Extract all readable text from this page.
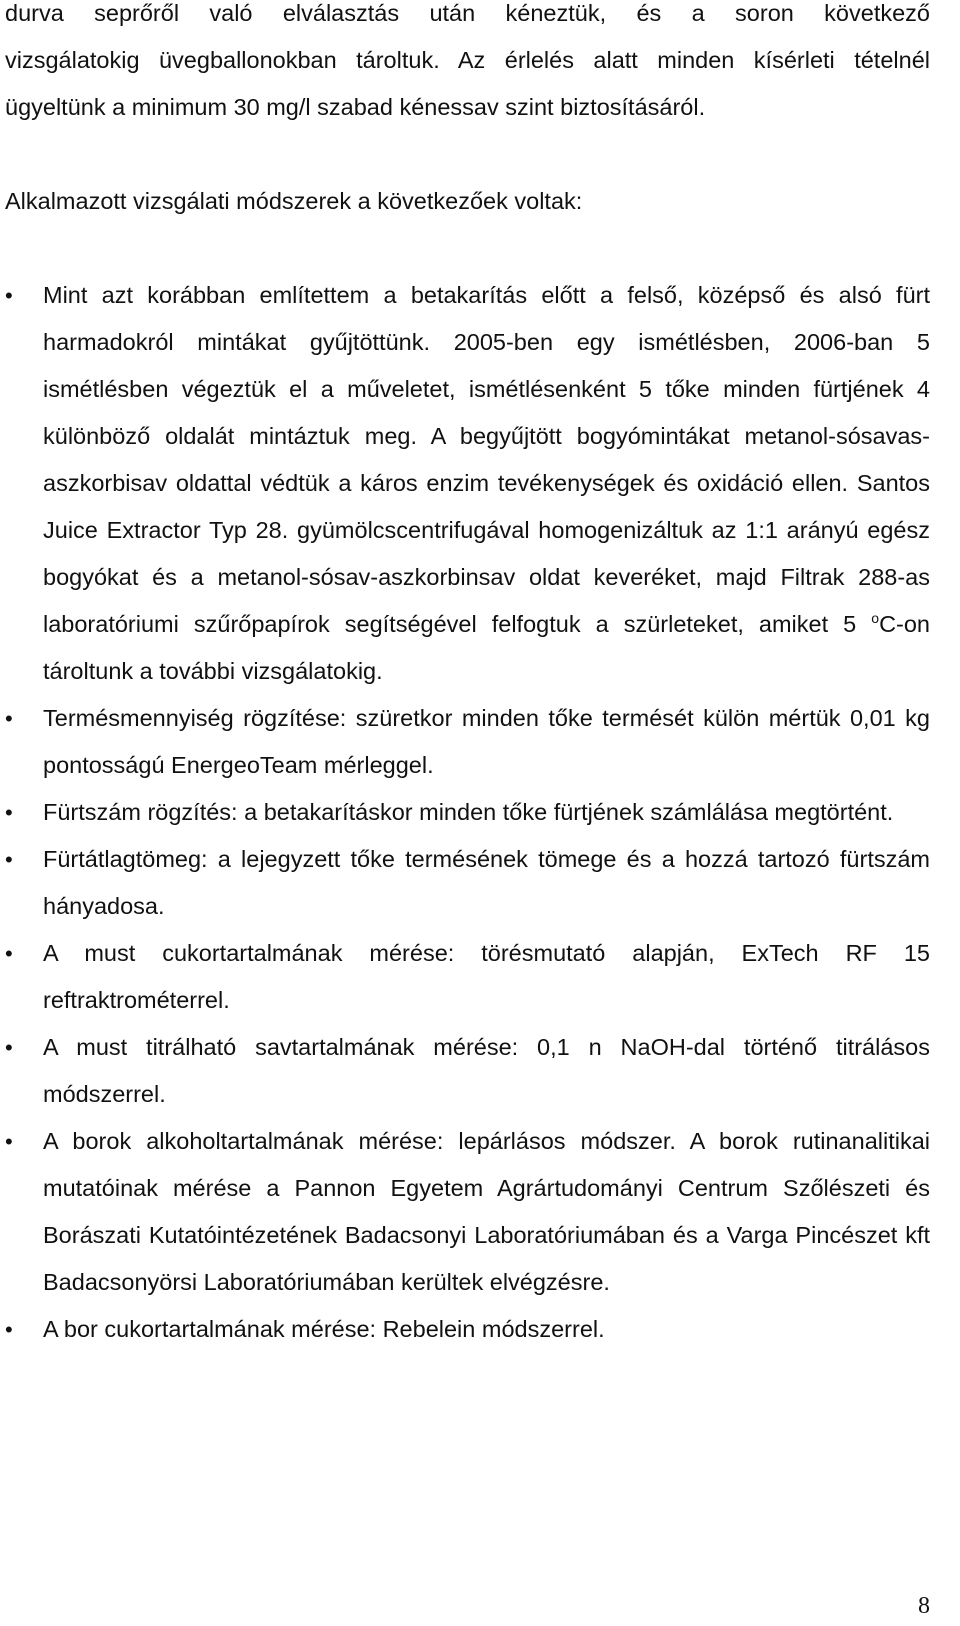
durva seprőről való elválasztás után kéneztük, és a soron következő

vizsgálatokig üvegballonokban tároltuk. Az érlelés alatt minden kísérleti tételnél

ügyeltünk a minimum 30 mg/l szabad kénessav szint biztosításáról.

Alkalmazott vizsgálati módszerek a következőek voltak:

•	Mint azt korábban említettem a betakarítás előtt a felső, középső és alsó fürt harmadokról mintákat gyűjtöttünk. 2005-ben egy ismétlésben, 2006-ban 5 ismétlésben végeztük el a műveletet, ismétlésenként 5 tőke minden fürtjének 4 különböző oldalát mintáztuk meg. A begyűjtött bogyómintákat metanol-sósavas-aszkorbisav oldattal védtük a káros enzim tevékenységek és oxidáció ellen. Santos Juice Extractor Typ 28. gyümölcscentrifugával homogenizáltuk az 1:1 arányú egész bogyókat és a metanol-sósav-aszkorbinsav oldat keveréket, majd Filtrak 288-as laboratóriumi szűrőpapírok segítségével felfogtuk a szürleteket, amiket 5 $^o$C-on tároltunk a további vizsgálatokig.
•	Termésmennyiség rögzítése: szüretkor minden tőke termését külön mértük 0,01 kg pontosságú EnergeoTeam mérleggel.
•	Fürtszám rögzítés: a betakarításkor minden tőke fürtjének számlálása megtörtént.
•	Fürtátlagtömeg: a lejegyzett tőke termésének tömege és a hozzá tartozó fürtszám hányadosa.
•	A must cukortartalmának mérése: törésmutató alapján, ExTech RF 15 reftraktrométerrel.
•	A must titrálható savtartalmának mérése: 0,1 n NaOH-dal történő titrálásos módszerrel.
•	A borok alkoholtartalmának mérése: lepárlásos módszer. A borok rutinanalitikai mutatóinak mérése a Pannon Egyetem Agrártudományi Centrum Szőlészeti és Borászati Kutatóintézetének Badacsonyi Laboratóriumában és a Varga Pincészet kft Badacsonyörsi Laboratóriumában kerültek elvégzésre.
•	A bor cukortartalmának mérése: Rebelein módszerrel.
8
